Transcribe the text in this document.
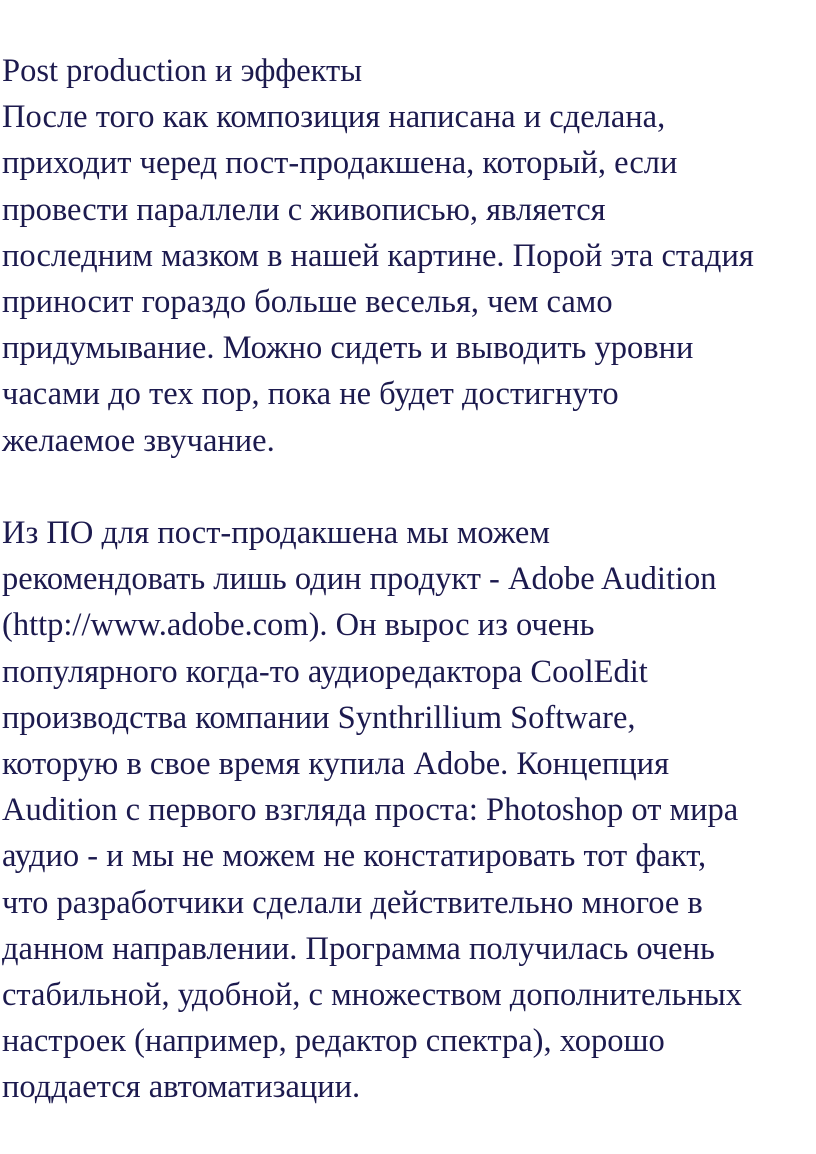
Post production и эффекты
После того как композиция написана и сделана,
приходит черед пост-продакшена, который, если
провести параллели с живописью, является
последним мазком в нашей картине. Порой эта стадия
приносит гораздо больше веселья, чем само
придумывание. Можно сидеть и выводить уровни
часами до тех пор, пока не будет достигнуто
желаемое звучание.
Из ПО для пост-продакшена мы можем
рекомендовать лишь один продукт - Adobe Audition
(http://www.adobe.com). Он вырос из очень
популярного когда-то аудиоредактора CoolEdit
производства компании Synthrillium Software,
которую в свое время купила Adobe. Концепция
Audition с первого взгляда проста: Photoshop от мира
аудио - и мы не можем не констатировать тот факт,
что разработчики сделали действительно многое в
данном направлении. Программа получилась очень
стабильной, удобной, с множеством дополнительных
настроек (например, редактор спектра), хорошо
поддается автоматизации.
